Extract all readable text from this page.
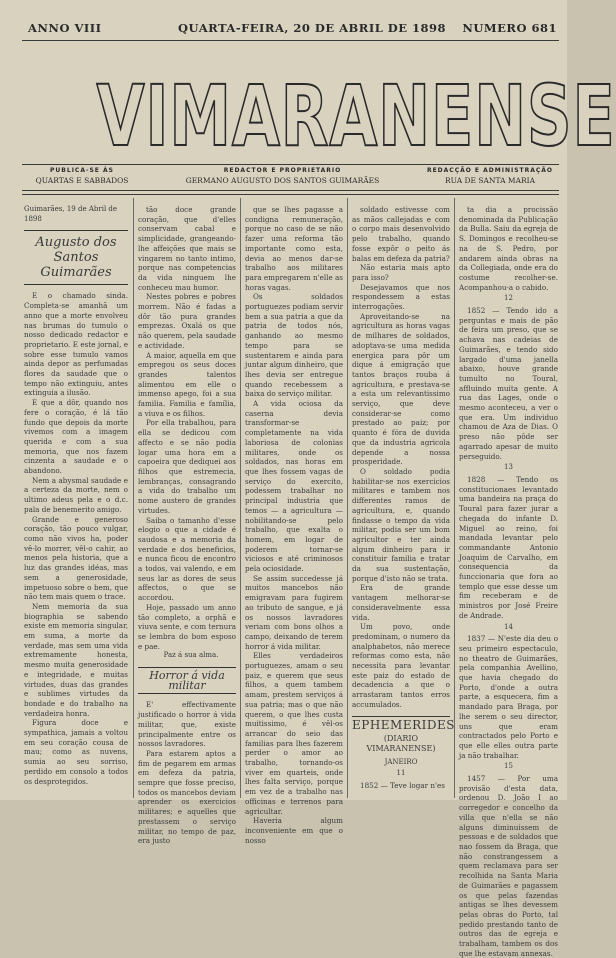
ANNO VIII	QUARTA-FEIRA, 20 DE ABRIL DE 1898 NUMERO 681
VIMARANENSE
PUBLICA-SE ÁS
QUARTAS E SABBADOS
REDACTOR E PROPRIETARIO
GERMANO AUGUSTO DOS SANTOS GUIMARÃES
REDACÇÃO E ADMINISTRAÇÃO
RUA DE SANTA MARIA
Guimarães, 19 de Abril de 1898
Augusto dos Santos Guimarães

E o chamado sinda. Completa-se amanhã um anno que a morte envolveu nas brumas do tumulo o nosso dedicado redactor e proprietario. E este jornal, e sobre esse tumulo vamos ainda depor as perfumadas flores da saudade que o tempo não extinguiu, antes extinguia a ilusão.

E que a dôr, quando nos fere o coração, é lá tão fundo que depois da morte vivemos com a imagem querida e com a sua memoria, que nos fazem cinzenta a saudade e o abandono.

Nem a abysmal saudade e a certeza da morte, nem o ultimo adeus pela e o d.c. pala de benemerito amigo.

Grande e generoso coração, tão pouco vulgar, como não vivos ha, poder vê-lo morrer, vêl-o cahir, ao menos pela historia, que a luz das grandes idéas, mas sem a generosidade, impetuoso sobre o bem, que não tem mais quem o trace.

Nem memoria da sua biographia se sabendo existe em memoria singular, em suma, a morte da verdade, mas sem uma vida extremamente honesta, mesmo muita generosidade e integridade, e muitas virtudes, duas das grandes e sublimes virtudes da bondade e do trabalho na verdadeira honra.

Figura doce e sympathica, jamais a voltou em seu coração cousa de mau; como as nuvens, sumia ao seu sorriso, perdido em consolo a todos os desprotegidos.

tão doce grande coração, que d'elles conservam cabal e simplicidade, grangeando-lhe affeições que mais se vingarem no tanto intimo, porque nas competencias da vida ninguem lhe conheceu mau humor.

Nestes pobres e pobres morrem. Não é fadas a dôr tão pura grandes emprezas. Oxalá os que não querem, pela saudade e actividade.

A maior, aquella em que empregou os seus doces grandes talentos alimentou em elle o immenso apego, foi a sua familia. Familia e família, a viuva e os filhos.

Por ella trabalhou, para ella se dedicou com affecto e se não podia logar uma hora em a capoeira que dediquei aos filhos que estremecia, lembranças, consagrando a vida do trabalho um nome austero de grandes virtudes.

Saiba o tamanho d'esse elogio o que a cidade é saudosa e a memoria da verdade e dos beneficios, e nunca ficou de encontro a todos, vai valendo, e em seus lar as dores de seus affectos, o que se accordou.

Hoje, passado um anno tão completo, a orphã e viuva sente, e com ternura se lembra do bom esposo e pae.

Paz á sua alma.

Horror á vida militar

E' effectivamente justificado o horror á vida militar, que, existe principalmente entre os nossos lavradores.

Para estarem aptos a fim de pegarem em armas em defeza da patria, sempre que fosse preciso, todos os mancebos deviam aprender os exercicios militares; e aquelles que prestassem o serviço militar, no tempo de paz, era justo

que se lhes pagasse a condigna remuneração, porque no caso de se não fazer uma reforma tão importante como esta, devia ao menos dar-se trabalho aos militares para empregarem n'elle as horas vagas.

Os soldados portuguezes podiam servir bem a sua patria a que da patria de todos nós, ganhando ao mesmo tempo para se sustentarem e ainda para juntar algum dinheiro, que lhes devia ser entregue quando recebessem a baixa do serviço militar.

A vida ociosa da caserna devia transformar-se completamente na vida laboriosa de colonias militares, onde os soldados, nas horas em que lhes fossem vagas de serviço do exercito, podessem trabalhar no principal industria que temos — a agricultura — nobilitando-se pelo trabalho, que exalta o homem, em logar de poderem tornar-se viciosos e até criminosos pela ociosidade.

Se assim succedesse já muitos mancebos não emigravam para fugirem ao tributo de sangue, e já os nossos lavradores veriam com bons olhos a campo, deixando de terem horror á vida militar.

Elles verdadeiros portuguezes, amam o seu paiz, e querem que seus filhos, a quem tambem amam, prestem serviços á sua patria; mas o que não querem, o que lhes custa muitissimo, é vêl-os arrancar do seio das familias para lhes fazerem perder o amor ao trabalho, tornando-os viver em quarteis, onde lhes falta serviço, porque em vez de a trabalho nas officinas e terrenos para agricultar.

Haveria algum inconveniente em que o nosso

soldado estivesse com as mãos callejadas e com o corpo mais desenvolvido pelo trabalho, quando fosse expôr o peito ás balas em defeza da patria?

Não estaria mais apto para isso?

Desejavamos que nos respondessem a estas interrogações.

Aproveitando-se na agricultura as horas vagas de milhares de soldados, adoptava-se uma medida energica para pôr um dique á emigração que tantos braços rouba á agricultura, e prestava-se a esta um relevantissimo serviço, que deve considerar-se como prestado ao paiz; por quanto é fóra de duvida que da industria agricola depende a nossa prosperidade.

O soldado podia habilitar-se nos exercicios militares e tambem nos differentes ramos de agricultura, e, quando findasse o tempo da vida militar, podia ser um bom agricultor e ter ainda algum dinheiro para ir constituir familia e tratar da sua sustentação, porque d'isto não se trata.

Era de grande vantagem melhorar-se consideravelmente essa vida.

Um povo, onde predominam, o numero da analphabetos, não merece reformas como esta, não necessita para levantar este paiz do estado de decadencia a que o arrastaram tantos erros accumulados.

EPHEMERIDES
(DIARIO VIMARANENSE)
JANEIRO
11

1852 — Teve logar n'es

ta dia a procissão denominada da Publicação da Bulla. Saiu da egreja de S. Domingos e recolheu-se na de S. Pedro, por andarem ainda obras na da Collegiada, onde era do costume recolher-se. Acompanhou-a o cabido.

12

1852 — Tendo ido a perguntas e mais de pão de feira um preso, que se achava nas cadeias de Guimarães, e tendo sido largado d'uma janella abaixo, houve grande tumulto no Toural, affluindo muita gente. A rua das Lages, onde o mesmo aconteceu, a ver o que era. Um individuo chamou de Aza de Dias. O preso não pôde ser agarrado apesar de muito perseguido.

13

1828 — Tendo os constitucionaes levantado uma bandeira na praça do Toural para fazer jurar a chegada do infante D. Miguel ao reino, foi mandada levantar pelo commandante Antonio Joaquim de Carvalho, em consequencia da funccionaria que fora ao templo que esse desse um fim receberam e de ministros por José Freire de Andrade.

14

1837 — N'este dia deu o seu primeiro espectaculo, no theatro de Guimarães, pela companhia Avellino, que havia chegado do Porto, d'onde a outra parte, a esquecera, fim a mandado para Braga, por lhe serem o seu director, uns que eram contractados pelo Porto e que elle elles outra parte ja não trabalhar.

15

1457 — Por uma provisão d'esta data, ordenou D. João I ao corregedor e concelho da villa que n'ella se não alguns diminuissem de pessoas e de soldados que nao fossem da Braga, que não constrangessem a quem reclamava para ser recolhida na Santa Maria de Guimarães e pagassem os que pelas fazendas antigas se lhes devessem pelas obras do Porto, tal pedido prestando tanto de outros das de egreja e trabalham, tambem os dos que lhe estavam annexas.
